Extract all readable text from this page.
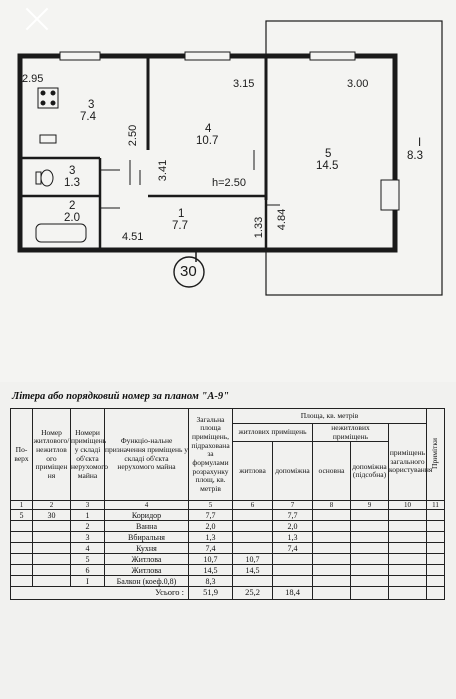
2.95	3.15	3.00
2.50
3.41
1.33 4.84
4.51
h=2.50
3
7.4
4
10.7
5
14.5
I
8.3
3
1.3
2
2.0	1
7.7
30
Літера або порядковий номер за планом "А-9"
По- верх	Номер житлового/ нежитлов ого приміщен ня	Номери приміщень у складі об'єкта нерухомого майна	Функціо-нальне призначення приміщень у складі об'єкта нерухомого майна	Загальна площа приміщень, підрахована за формулами розрахунку площ, кв. метрів	Площа, кв. метрів					Примітки
					житлових приміщень		нежитлових приміщень		приміщень загального користування	
					житлова	допоміжна	основна	допоміжна (підсобна)		
1	2	3	4	5	6	7	8	9	10	11
5	30	1	Коридор	7,7		7,7				
		2	Ванна	2,0		2,0				
		3	Вбиральня	1,3		1,3				
		4	Кухня	7,4		7,4				
		5	Житлова	10,7	10,7					
		6	Житлова	14,5	14,5					
		I	Балкон (коеф.0,8)	8,3						
Усього :				51,9	25,2	18,4				
